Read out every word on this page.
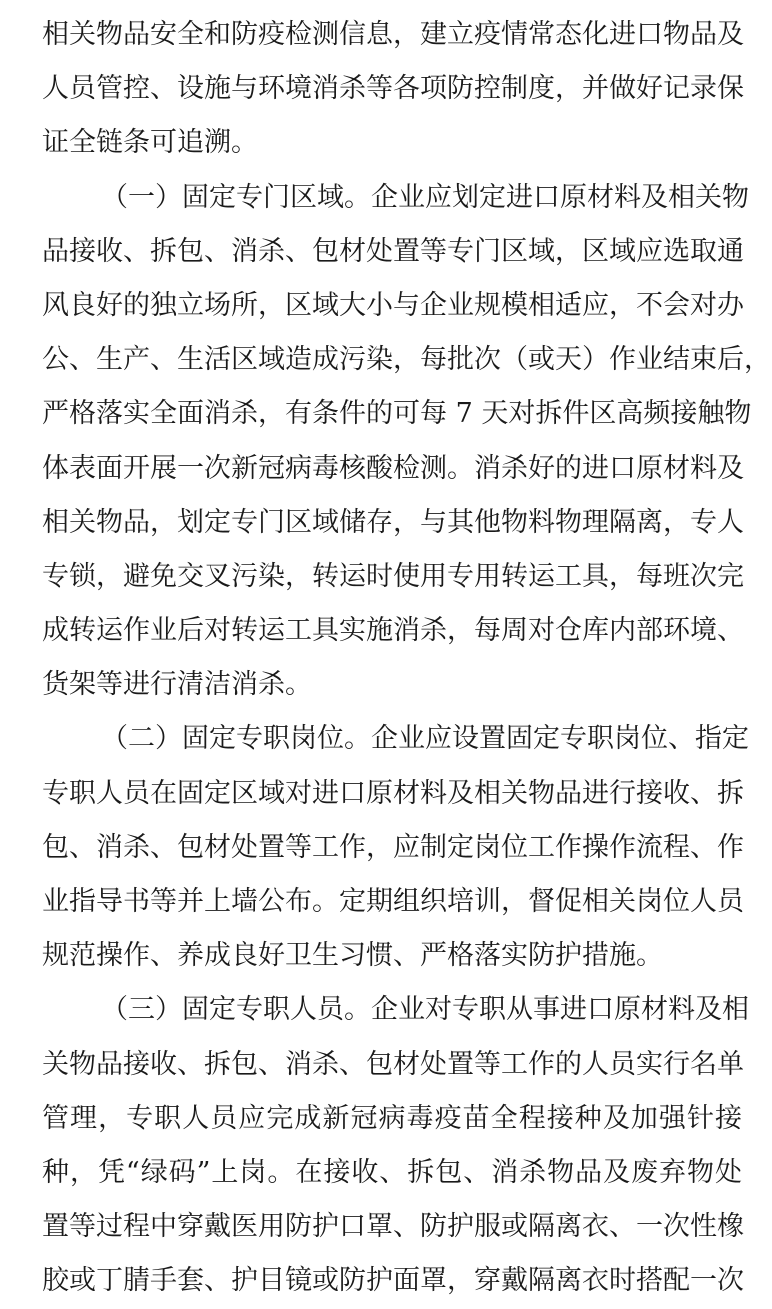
相关物品安全和防疫检测信息，建立疫情常态化进口物品及
人员管控、设施与环境消杀等各项防控制度，并做好记录保
证全链条可追溯。
（一）固定专门区域。企业应划定进口原材料及相关物
品接收、拆包、消杀、包材处置等专门区域，区域应选取通
风良好的独立场所，区域大小与企业规模相适应，不会对办
公、生产、生活区域造成污染，每批次（或天）作业结束后，
严格落实全面消杀，有条件的可每 7 天对拆件区高频接触物
体表面开展一次新冠病毒核酸检测。消杀好的进口原材料及
相关物品，划定专门区域储存，与其他物料物理隔离，专人
专锁，避免交叉污染，转运时使用专用转运工具，每班次完
成转运作业后对转运工具实施消杀，每周对仓库内部环境、
货架等进行清洁消杀。
（二）固定专职岗位。企业应设置固定专职岗位、指定
专职人员在固定区域对进口原材料及相关物品进行接收、拆
包、消杀、包材处置等工作，应制定岗位工作操作流程、作
业指导书等并上墙公布。定期组织培训，督促相关岗位人员
规范操作、养成良好卫生习惯、严格落实防护措施。
（三）固定专职人员。企业对专职从事进口原材料及相
关物品接收、拆包、消杀、包材处置等工作的人员实行名单
管理，专职人员应完成新冠病毒疫苗全程接种及加强针接
种，凭“绿码”上岗。在接收、拆包、消杀物品及废弃物处
置等过程中穿戴医用防护口罩、防护服或隔离衣、一次性橡
胶或丁腈手套、护目镜或防护面罩，穿戴隔离衣时搭配一次
